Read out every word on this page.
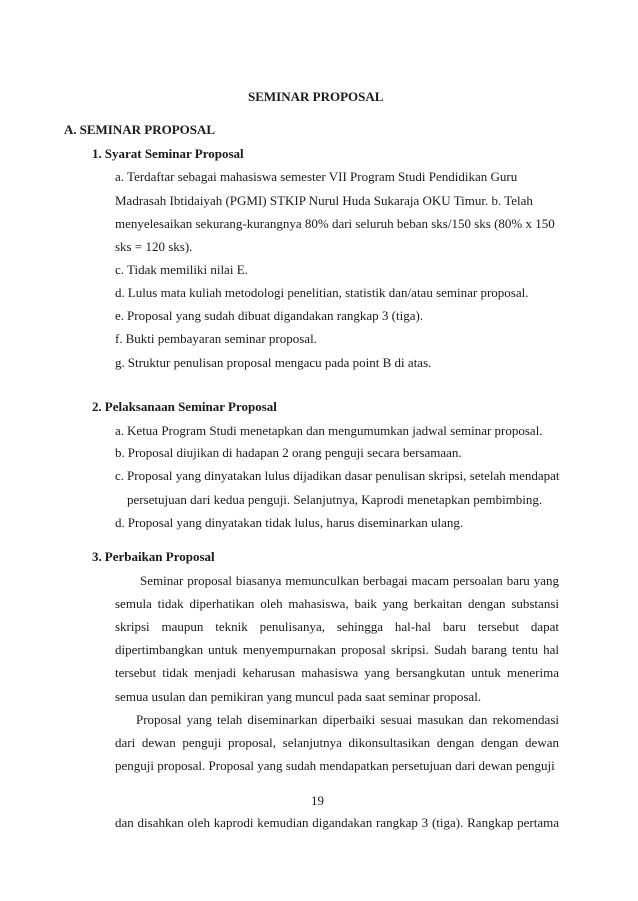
SEMINAR PROPOSAL
A. SEMINAR PROPOSAL
1. Syarat Seminar Proposal
a. Terdaftar sebagai mahasiswa semester VII Program Studi Pendidikan Guru
Madrasah Ibtidaiyah (PGMI) STKIP Nurul Huda Sukaraja OKU Timur. b. Telah
menyelesaikan sekurang-kurangnya 80% dari seluruh beban sks/150 sks (80% x 150
sks = 120 sks).
c. Tidak memiliki nilai E.
d. Lulus mata kuliah metodologi penelitian, statistik dan/atau seminar proposal.
e. Proposal yang sudah dibuat digandakan rangkap 3 (tiga).
f. Bukti pembayaran seminar proposal.
g. Struktur penulisan proposal mengacu pada point B di atas.
2. Pelaksanaan Seminar Proposal
a. Ketua Program Studi menetapkan dan mengumumkan jadwal seminar proposal.
b. Proposal diujikan di hadapan 2 orang penguji secara bersamaan.
c. Proposal yang dinyatakan lulus dijadikan dasar penulisan skripsi, setelah mendapat
persetujuan dari kedua penguji. Selanjutnya, Kaprodi menetapkan pembimbing.
d. Proposal yang dinyatakan tidak lulus, harus diseminarkan ulang.
3. Perbaikan Proposal
Seminar proposal biasanya memunculkan berbagai macam persoalan baru yang
semula tidak diperhatikan oleh mahasiswa, baik yang berkaitan dengan substansi
skripsi maupun teknik penulisanya, sehingga hal-hal baru tersebut dapat
dipertimbangkan untuk menyempurnakan proposal skripsi. Sudah barang tentu hal
tersebut tidak menjadi keharusan mahasiswa yang bersangkutan untuk menerima
semua usulan dan pemikiran yang muncul pada saat seminar proposal.
Proposal yang telah diseminarkan diperbaiki sesuai masukan dan rekomendasi
dari dewan penguji proposal, selanjutnya dikonsultasikan dengan dengan dewan
penguji proposal. Proposal yang sudah mendapatkan persetujuan dari dewan penguji
19
dan disahkan oleh kaprodi kemudian digandakan rangkap 3 (tiga). Rangkap pertama
